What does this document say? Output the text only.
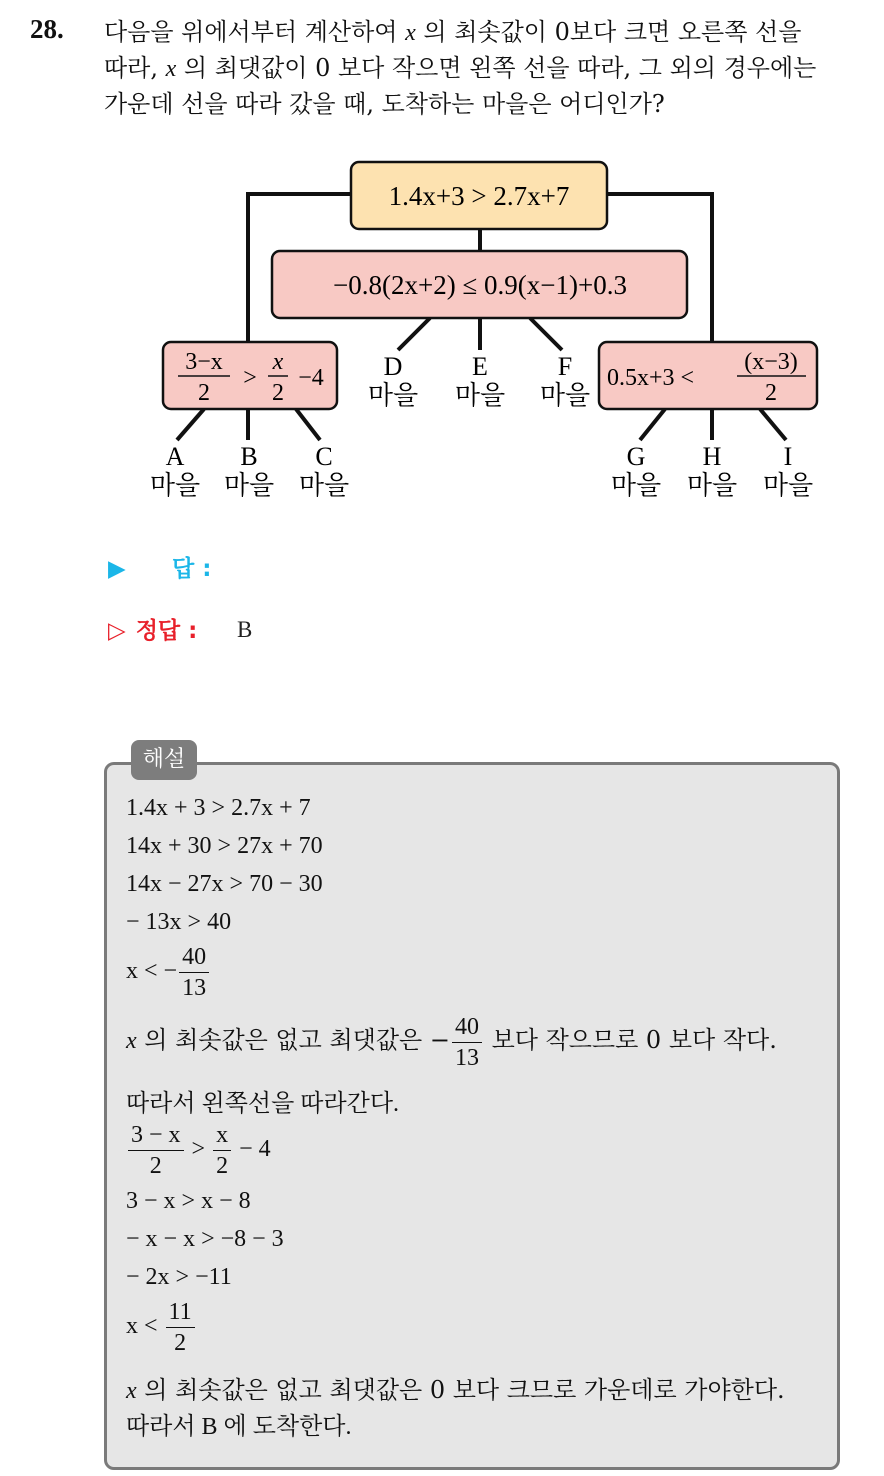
28. 다음을 위에서부터 계산하여 x 의 최솟값이 0보다 크면 오른쪽 선을
따라, x 의 최댓값이 0 보다 작으면 왼쪽 선을 따라, 그 외의 경우에는
가운데 선을 따라 갔을 때, 도착하는 마을은 어디인가?
1.4x+3 > 2.7x+7
−0.8(2x+2) ≤ 0.9(x−1)+0.3
3−x
2
>
x
2
−4	0.5x+3 <
(x−3)
2
A
마을
B
마을
C
마을
D
마을
E
마을
F
마을
G
마을
H
마을
I
마을
▶ 답 :
▷ 정답 : B
해설
1.4x + 3 > 2.7x + 7
14x + 30 > 27x + 70
14x − 27x > 70 − 30
− 13x > 40
x < − $\frac{40}{13}$
x 의 최솟값은 없고 최댓값은 − $\frac{40}{13}$ 보다 작으므로 0 보다 작다.
따라서 왼쪽선을 따라간다.
$\frac{3 - x}{2} > \frac{x}{2} - 4$
3 − x > x − 8
− x − x > −8 − 3
− 2x > −11
$x < \frac{11}{2}$
x 의 최솟값은 없고 최댓값은 0 보다 크므로 가운데로 가야한다.
따라서 B 에 도착한다.
